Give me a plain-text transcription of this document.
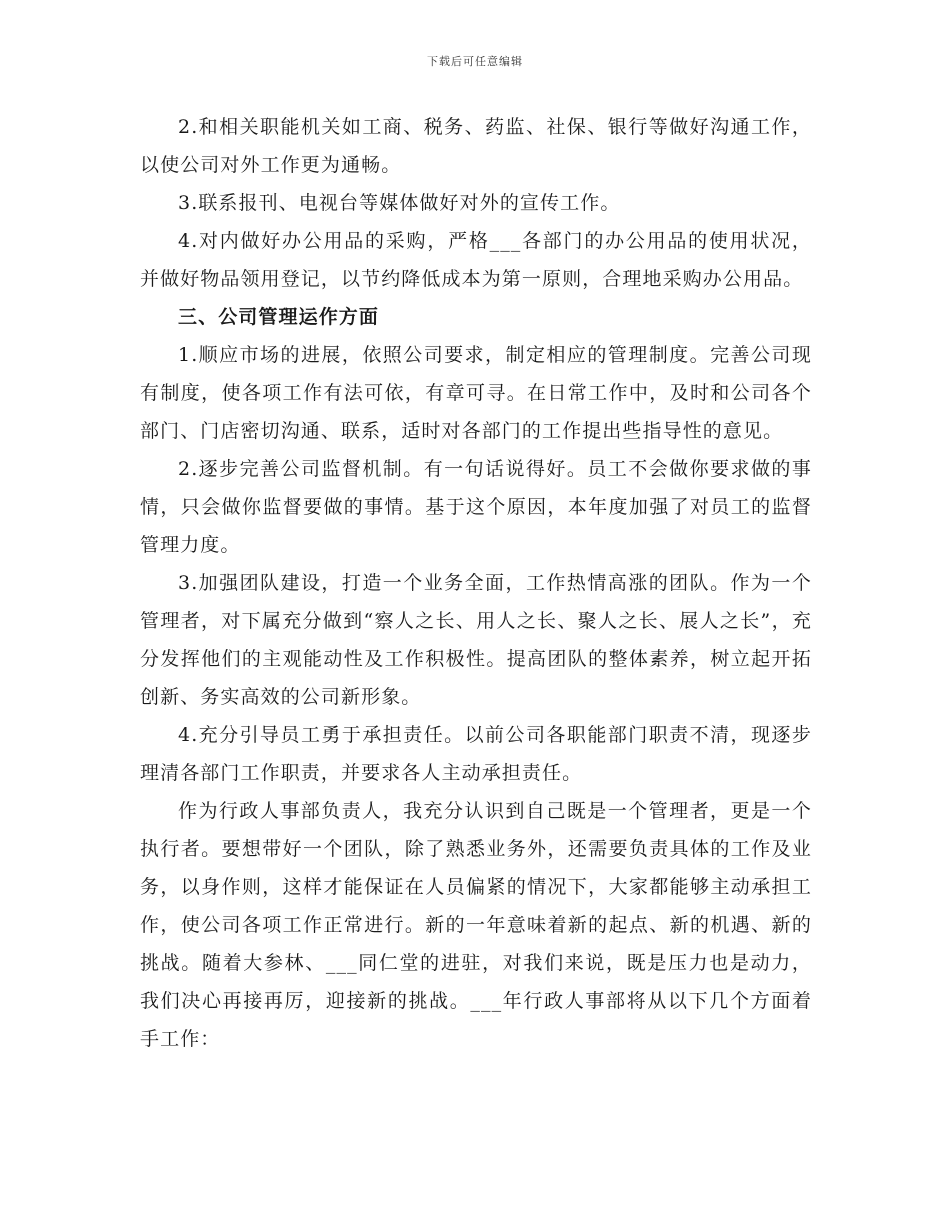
下载后可任意编辑

2.和相关职能机关如工商、税务、药监、社保、银行等做好沟通工作，以使公司对外工作更为通畅。

3.联系报刊、电视台等媒体做好对外的宣传工作。

4.对内做好办公用品的采购，严格___各部门的办公用品的使用状况，并做好物品领用登记，以节约降低成本为第一原则，合理地采购办公用品。

三、公司管理运作方面

1.顺应市场的进展，依照公司要求，制定相应的管理制度。完善公司现有制度，使各项工作有法可依，有章可寻。在日常工作中，及时和公司各个部门、门店密切沟通、联系，适时对各部门的工作提出些指导性的意见。

2.逐步完善公司监督机制。有一句话说得好。员工不会做你要求做的事情，只会做你监督要做的事情。基于这个原因，本年度加强了对员工的监督管理力度。

3.加强团队建设，打造一个业务全面，工作热情高涨的团队。作为一个管理者，对下属充分做到“察人之长、用人之长、聚人之长、展人之长”，充分发挥他们的主观能动性及工作积极性。提高团队的整体素养，树立起开拓创新、务实高效的公司新形象。

4.充分引导员工勇于承担责任。以前公司各职能部门职责不清，现逐步理清各部门工作职责，并要求各人主动承担责任。

作为行政人事部负责人，我充分认识到自己既是一个管理者，更是一个执行者。要想带好一个团队，除了熟悉业务外，还需要负责具体的工作及业务，以身作则，这样才能保证在人员偏紧的情况下，大家都能够主动承担工作，使公司各项工作正常进行。新的一年意味着新的起点、新的机遇、新的挑战。随着大参林、___同仁堂的进驻，对我们来说，既是压力也是动力，我们决心再接再厉，迎接新的挑战。___年行政人事部将从以下几个方面着手工作：
